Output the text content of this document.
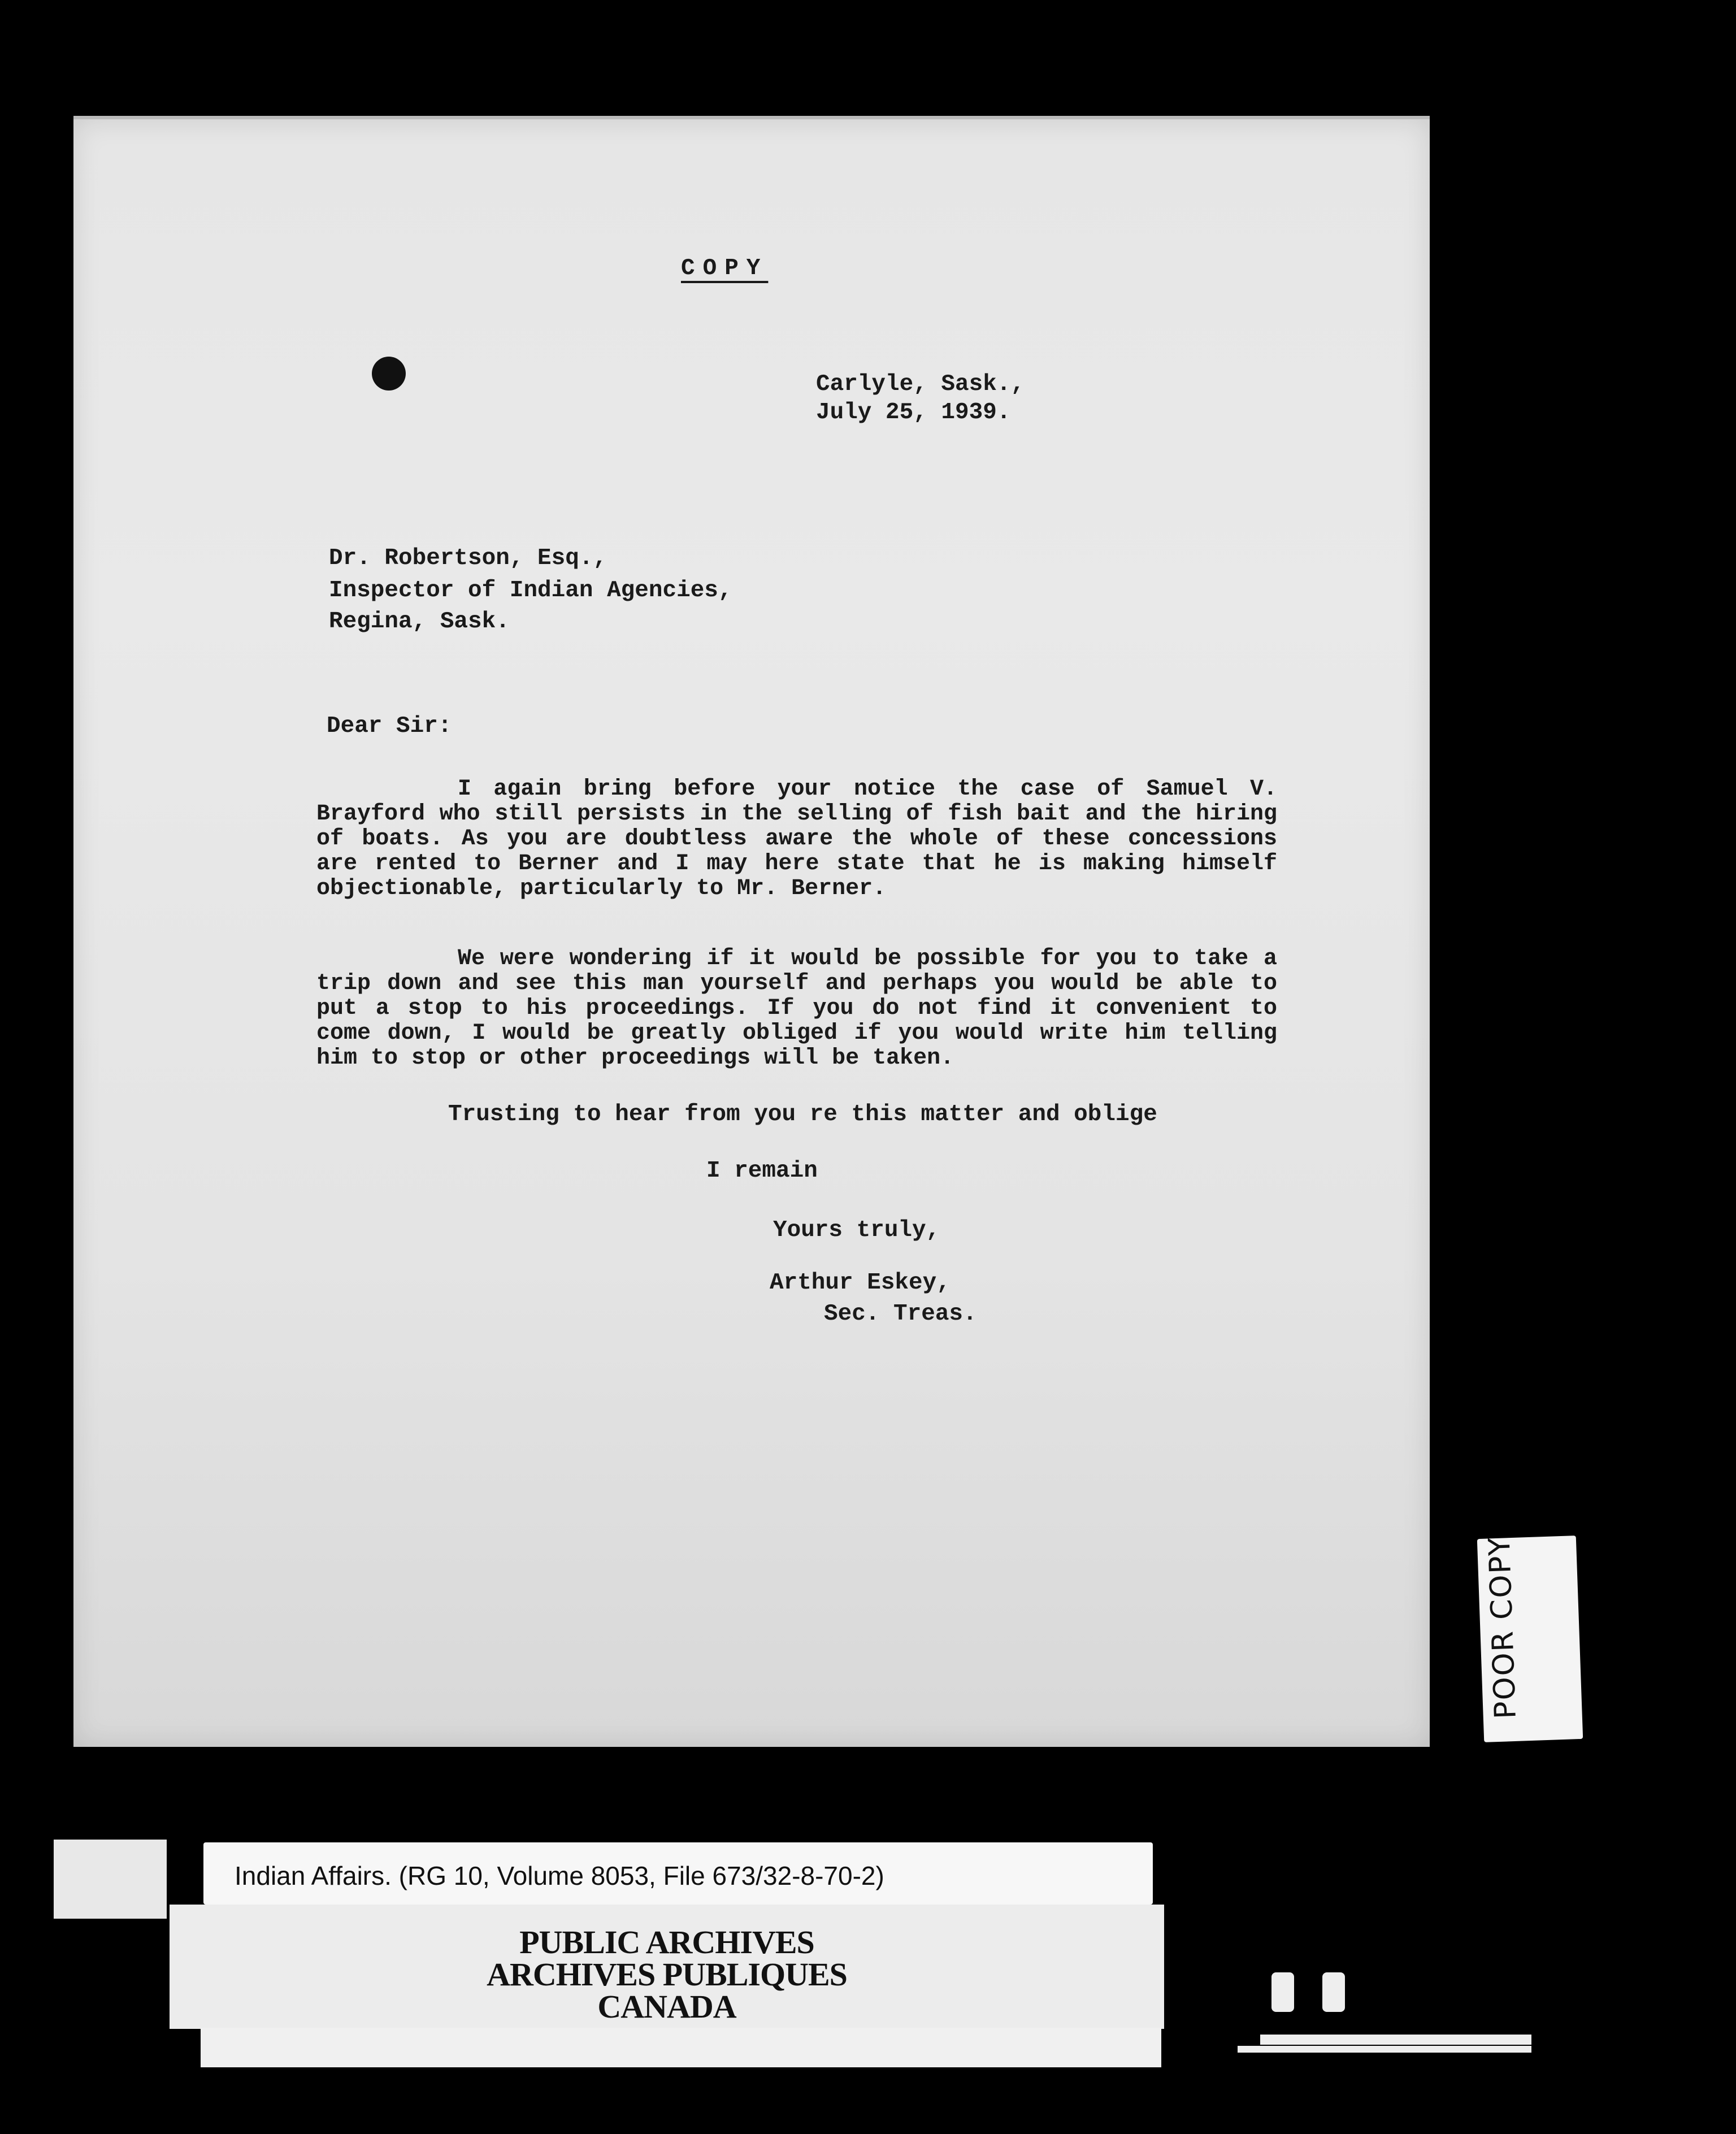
COPY
Carlyle, Sask.,
July 25, 1939.
Dr. Robertson, Esq.,
Inspector of Indian Agencies,
Regina, Sask.
Dear Sir:
I again bring before your notice the case of Samuel V. Brayford who still persists in the selling of fish bait and the hiring of boats. As you are doubtless aware the whole of these concessions are rented to Berner and I may here state that he is making himself objectionable, particularly to Mr. Berner.
We were wondering if it would be possible for you to take a trip down and see this man yourself and perhaps you would be able to put a stop to his proceedings. If you do not find it convenient to come down, I would be greatly obliged if you would write him telling him to stop or other proceedings will be taken.
Trusting to hear from you re this matter and oblige
I remain
Yours truly,
Arthur Eskey,
Sec. Treas.
POOR COPY
Indian Affairs. (RG 10, Volume 8053, File 673/32-8-70-2)
PUBLIC ARCHIVES
ARCHIVES PUBLIQUES
CANADA
